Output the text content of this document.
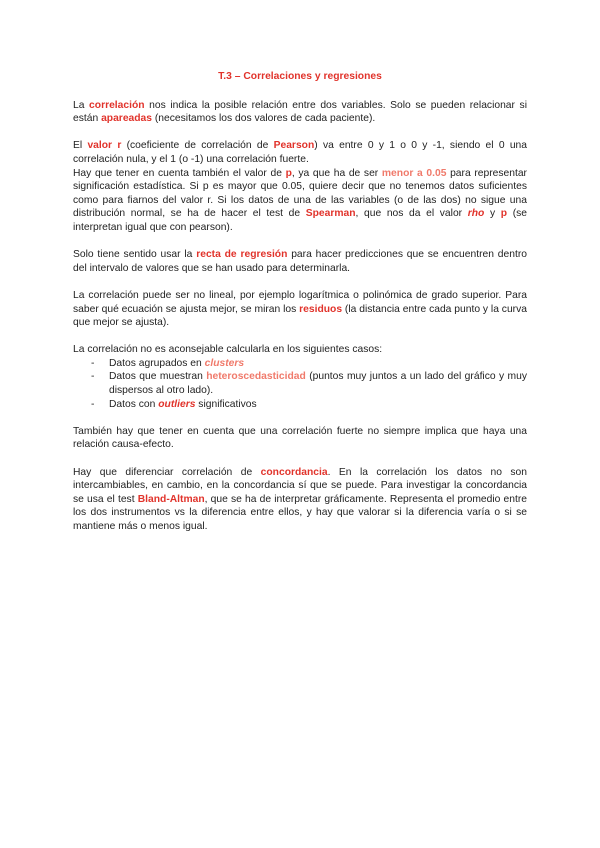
T.3 – Correlaciones y regresiones

La correlación nos indica la posible relación entre dos variables. Solo se pueden relacionar si están apareadas (necesitamos los dos valores de cada paciente).

El valor r (coeficiente de correlación de Pearson) va entre 0 y 1 o 0 y -1, siendo el 0 una correlación nula, y el 1 (o -1) una correlación fuerte.

Hay que tener en cuenta también el valor de p, ya que ha de ser menor a 0.05 para representar significación estadística. Si p es mayor que 0.05, quiere decir que no tenemos datos suficientes como para fiarnos del valor r. Si los datos de una de las variables (o de las dos) no sigue una distribución normal, se ha de hacer el test de Spearman, que nos da el valor rho y p (se interpretan igual que con pearson).

Solo tiene sentido usar la recta de regresión para hacer predicciones que se encuentren dentro del intervalo de valores que se han usado para determinarla.

La correlación puede ser no lineal, por ejemplo logarítmica o polinómica de grado superior. Para saber qué ecuación se ajusta mejor, se miran los residuos (la distancia entre cada punto y la curva que mejor se ajusta).

La correlación no es aconsejable calcularla en los siguientes casos:

- Datos agrupados en clusters
- Datos que muestran heteroscedasticidad (puntos muy juntos a un lado del gráfico y muy dispersos al otro lado).
- Datos con outliers significativos

También hay que tener en cuenta que una correlación fuerte no siempre implica que haya una relación causa-efecto.

Hay que diferenciar correlación de concordancia. En la correlación los datos no son intercambiables, en cambio, en la concordancia sí que se puede. Para investigar la concordancia se usa el test Bland-Altman, que se ha de interpretar gráficamente. Representa el promedio entre los dos instrumentos vs la diferencia entre ellos, y hay que valorar si la diferencia varía o si se mantiene más o menos igual.
